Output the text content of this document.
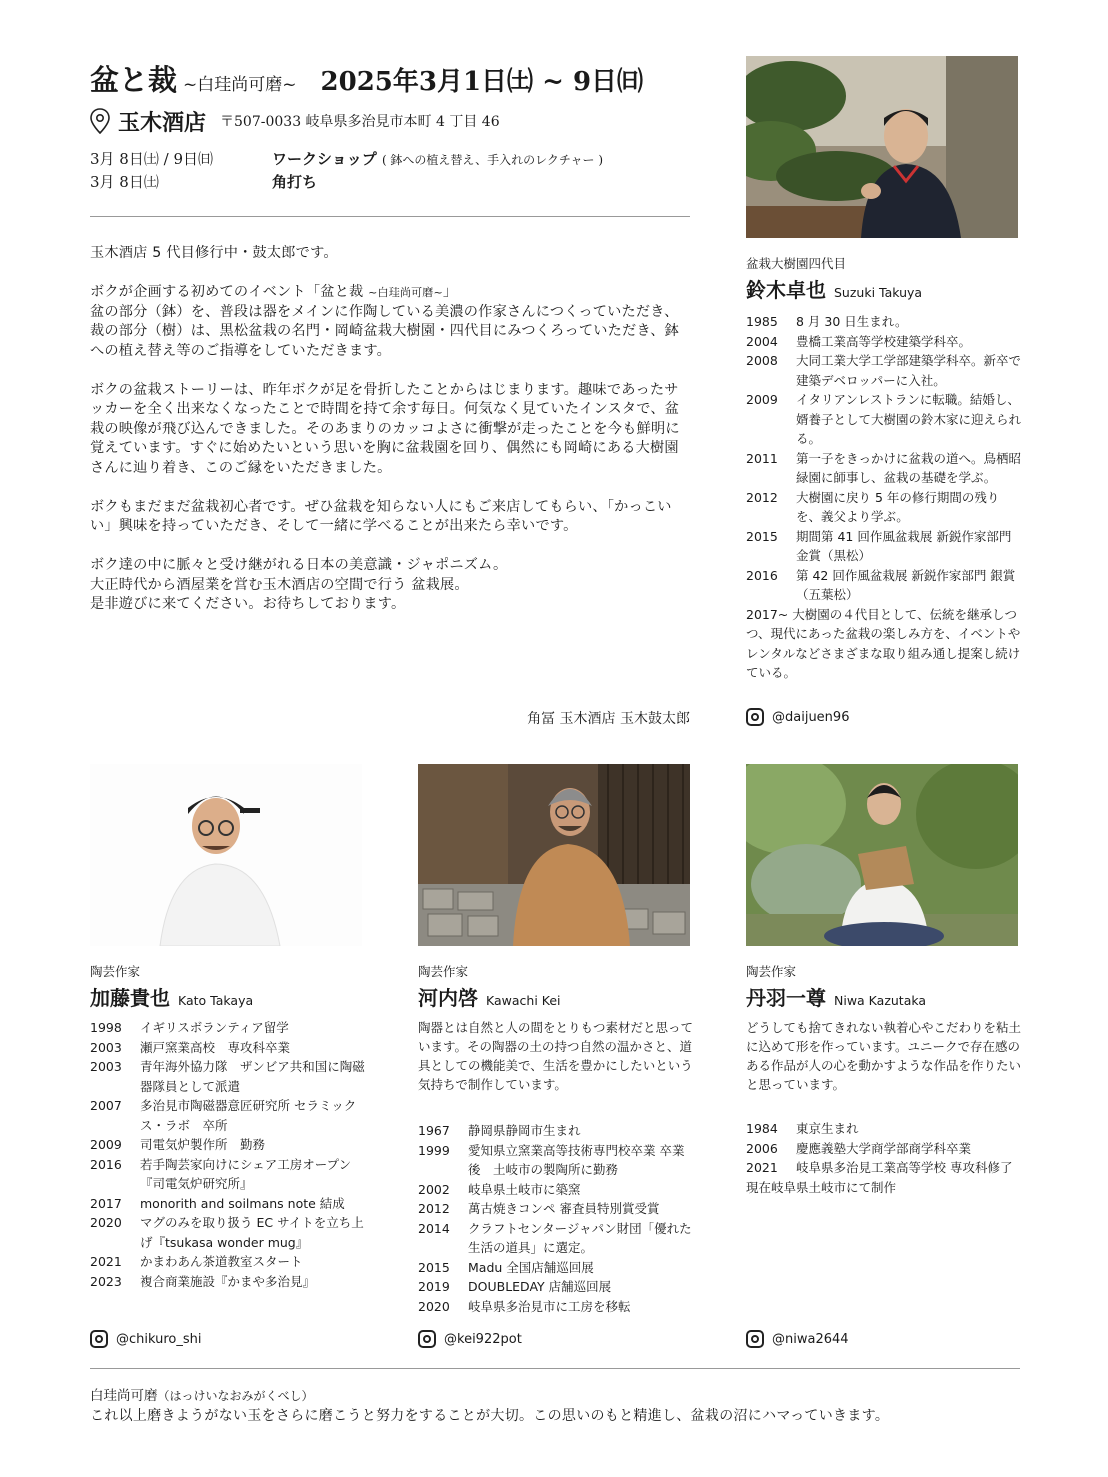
盆と裁 ~白珪尚可磨~ 2025年3月1日㈯ ~ 9日㈰
玉木酒店 〒507-0033 岐阜県多治見市本町 4 丁目 46
3月 8日㈯ / 9日㈰	ワークショップ ( 鉢への植え替え、手入れのレクチャー )
3月 8日㈯	角打ち

玉木酒店 5 代目修行中・鼓太郎です。

ボクが企画する初めてのイベント「盆と裁 ~白珪尚可磨~」
盆の部分（鉢）を、普段は器をメインに作陶している美濃の作家さんにつくっていただき、裁の部分（樹）は、黒松盆栽の名門・岡崎盆栽大樹園・四代目にみつくろっていただき、鉢への植え替え等のご指導をしていただきます。

ボクの盆栽ストーリーは、昨年ボクが足を骨折したことからはじまります。趣味であったサッカーを全く出来なくなったことで時間を持て余す毎日。何気なく見ていたインスタで、盆栽の映像が飛び込んできました。そのあまりのカッコよさに衝撃が走ったことを今も鮮明に覚えています。すぐに始めたいという思いを胸に盆栽園を回り、偶然にも岡崎にある大樹園さんに辿り着き、このご縁をいただきました。

ボクもまだまだ盆栽初心者です。ぜひ盆栽を知らない人にもご来店してもらい、「かっこいい」興味を持っていただき、そして一緒に学べることが出来たら幸いです。

ボク達の中に脈々と受け継がれる日本の美意識・ジャポニズム。
大正時代から酒屋業を営む玉木酒店の空間で行う 盆栽展。
是非遊びに来てください。お待ちしております。

角冨 玉木酒店 玉木鼓太郎
盆栽大樹園四代目
鈴木卓也 Suzuki Takuya
1985	8 月 30 日生まれ。
2004	豊橋工業高等学校建築学科卒。
2008	大同工業大学工学部建築学科卒。新卒で建築デベロッパーに入社。
2009	イタリアンレストランに転職。結婚し、婿養子として大樹園の鈴木家に迎えられる。
2011	第一子をきっかけに盆栽の道へ。鳥栖昭緑園に師事し、盆栽の基礎を学ぶ。
2012	大樹園に戻り 5 年の修行期間の残りを、義父より学ぶ。
2015	期間第 41 回作風盆栽展 新鋭作家部門 金賞（黒松）
2016	第 42 回作風盆栽展 新鋭作家部門 銀賞（五葉松）
2017~ 大樹園の４代目として、伝統を継承しつつ、現代にあった盆栽の楽しみ方を、イベントやレンタルなどさまざまな取り組み通し提案し続けている。
@daijuen96
陶芸作家
加藤貴也 Kato Takaya
1998	イギリスボランティア留学
2003	瀬戸窯業高校　専攻科卒業
2003	青年海外協力隊　ザンビア共和国に陶磁器隊員として派遣
2007	多治見市陶磁器意匠研究所 セラミックス・ラボ　卒所
2009	司電気炉製作所　勤務
2016	若手陶芸家向けにシェア工房オープン 『司電気炉研究所』
2017	monorith and soilmans note 結成
2020	マグのみを取り扱う EC サイトを立ち上げ『tsukasa wonder mug』
2021	かまわあん茶道教室スタート
2023	複合商業施設『かまや多治見』
@chikuro_shi
陶芸作家
河内啓 Kawachi Kei
陶器とは自然と人の間をとりもつ素材だと思っています。その陶器の土の持つ自然の温かさと、道具としての機能美で、生活を豊かにしたいという気持ちで制作しています。
1967	静岡県静岡市生まれ
1999	愛知県立窯業高等技術専門校卒業 卒業後　土岐市の製陶所に勤務
2002	岐阜県土岐市に築窯
2012	萬古焼きコンペ 審査員特別賞受賞
2014	クラフトセンタージャパン財団「優れた生活の道具」に選定。
2015	Madu 全国店舗巡回展
2019	DOUBLEDAY 店舗巡回展
2020	岐阜県多治見市に工房を移転
@kei922pot
陶芸作家
丹羽一尊 Niwa Kazutaka
どうしても捨てきれない執着心やこだわりを粘土に込めて形を作っています。ユニークで存在感のある作品が人の心を動かすような作品を作りたいと思っています。
1984	東京生まれ
2006	慶應義塾大学商学部商学科卒業
2021	岐阜県多治見工業高等学校 専攻科修了
現在岐阜県土岐市にて制作
@niwa2644
白珪尚可磨（はっけいなおみがくべし）
これ以上磨きようがない玉をさらに磨こうと努力をすることが大切。この思いのもと精進し、盆栽の沼にハマっていきます。
